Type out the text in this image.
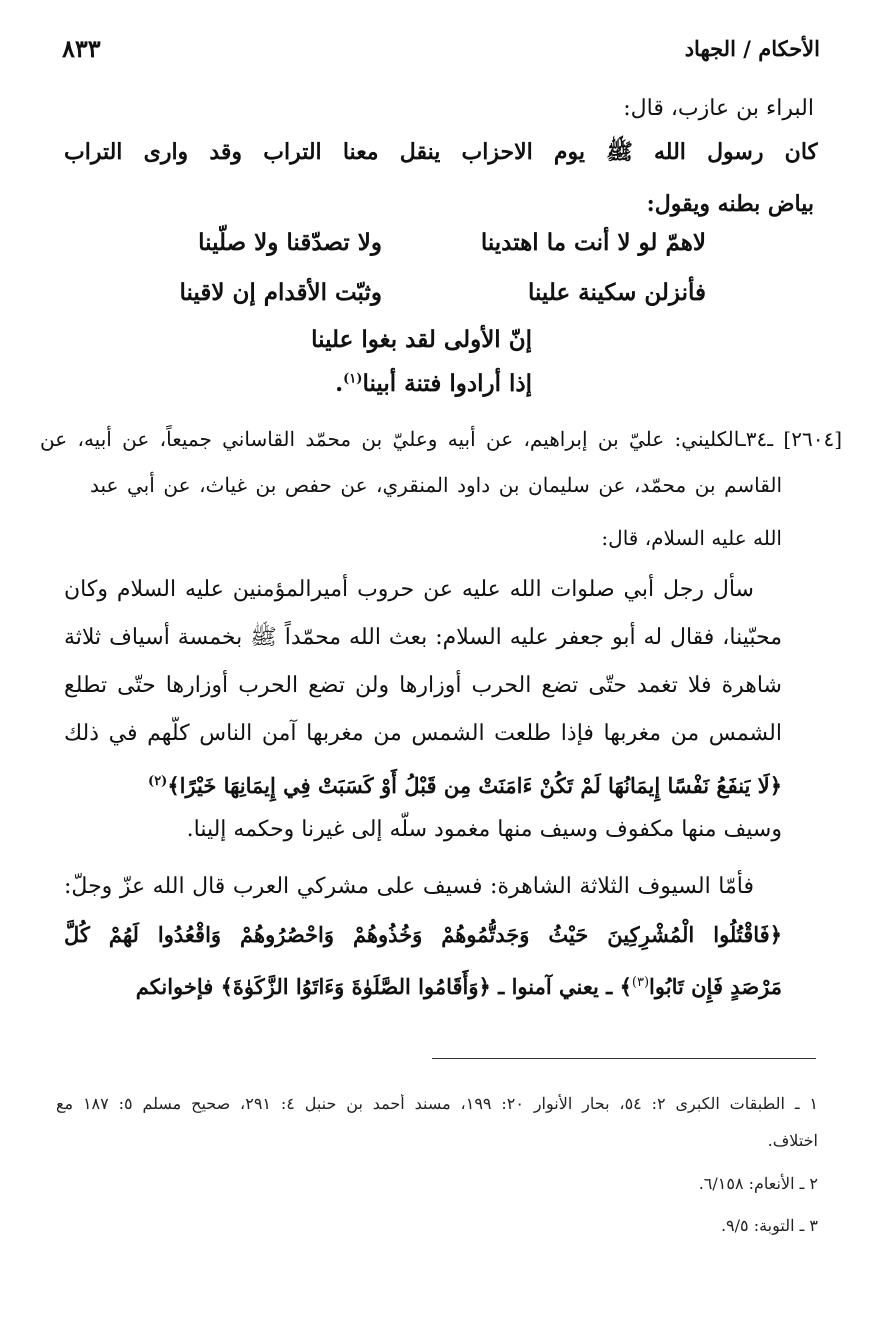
٨٣٣	الأحكام / الجهاد
البراء بن عازب، قال:
كان رسول الله ﷺ يوم الاحزاب ينقل معنا التراب وقد وارى التراب
بياض بطنه ويقول:
لاهمّ لو لا أنت ما اهتدينا
ولا تصدّقنا ولا صلّينا
فأنزلن سكينة علينا
وثبّت الأقدام إن لاقينا
إنّ الأولى لقد بغوا علينا
إذا أرادوا فتنة أبينا$^{(١)}$.
[٢٦٠٤] ـ٣٤ـالكليني: عليّ بن إبراهيم، عن أبيه وعليّ بن محمّد القاساني جميعاً، عن أبيه، عن
القاسم بن محمّد، عن سليمان بن داود المنقري، عن حفص بن غياث، عن أبي عبد
الله عليه السلام، قال:
سأل رجل أبي صلوات الله عليه عن حروب أميرالمؤمنين عليه السلام وكان
محبّينا، فقال له أبو جعفر عليه السلام: بعث الله محمّداً ﷺ بخمسة أسياف ثلاثة
شاهرة فلا تغمد حتّى تضع الحرب أوزارها ولن تضع الحرب أوزارها حتّى تطلع
الشمس من مغربها فإذا طلعت الشمس من مغربها آمن الناس كلّهم في ذلك
﴿لَا يَنفَعُ نَفْسًا إِيمَانُهَا لَمْ تَكُنْ ءَامَنَتْ مِن قَبْلُ أَوْ كَسَبَتْ فِي إِيمَانِهَا خَيْرًا﴾$^{(٢)}$
وسيف منها مكفوف وسيف منها مغمود سلّه إلى غيرنا وحكمه إلينا.
فأمّا السيوف الثلاثة الشاهرة: فسيف على مشركي العرب قال الله عزّ وجلّ:
﴿فَاقْتُلُوا الْمُشْرِكِينَ حَيْثُ وَجَدتُّمُوهُمْ وَخُذُوهُمْ وَاحْصُرُوهُمْ وَاقْعُدُوا لَهُمْ كُلَّ
مَرْصَدٍ فَإِن تَابُوا$^{(٣)}$﴾ ـ يعني آمنوا ـ ﴿وَأَقَامُوا الصَّلَوٰةَ وَءَاتَوُا الزَّكَوٰةَ﴾ فإخوانكم
١ ـ الطبقات الكبرى ٢: ٥٤، بحار الأنوار ٢٠: ١٩٩، مسند أحمد بن حنبل ٤: ٢٩١، صحيح مسلم ٥: ١٨٧ مع
اختلاف.
٢ ـ الأنعام: ٦/١٥٨.
٣ ـ التوبة: ٩/٥.
